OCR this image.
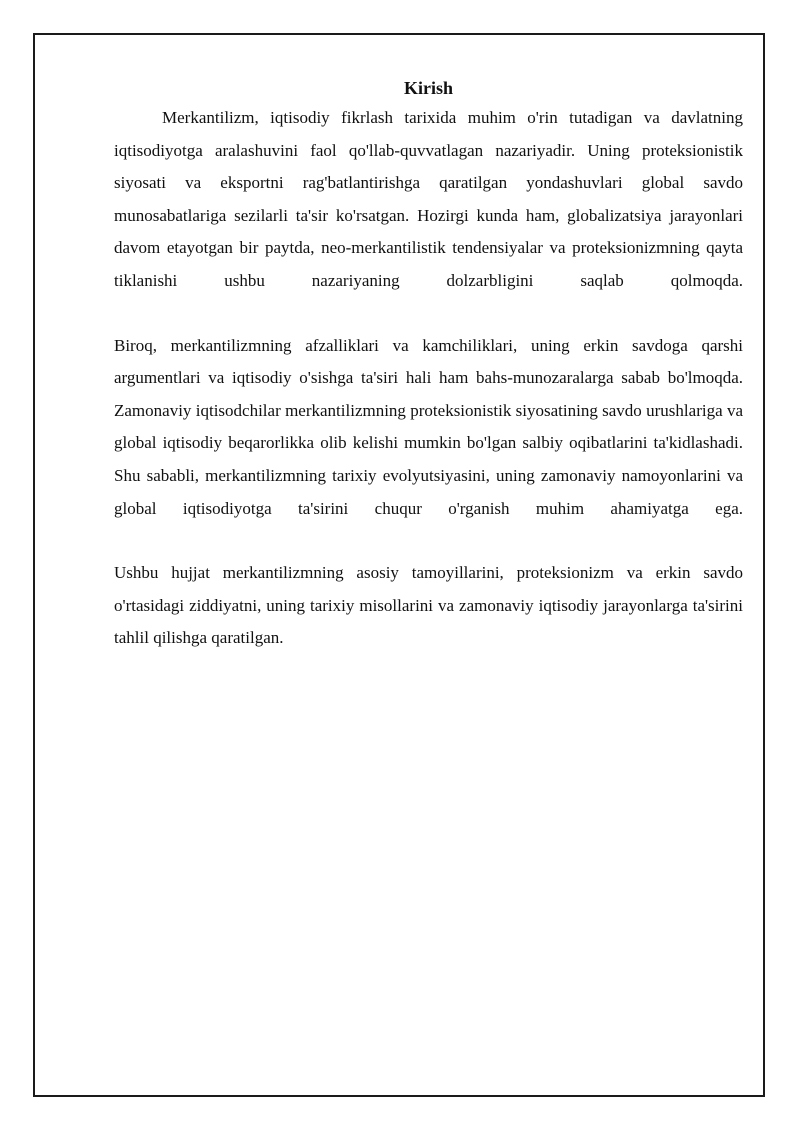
Kirish

Merkantilizm, iqtisodiy fikrlash tarixida muhim o'rin tutadigan va davlatning iqtisodiyotga aralashuvini faol qo'llab-quvvatlagan nazariyadir. Uning proteksionistik siyosati va eksportni rag'batlantirishga qaratilgan yondashuvlari global savdo munosabatlariga sezilarli ta'sir ko'rsatgan. Hozirgi kunda ham, globalizatsiya jarayonlari davom etayotgan bir paytda, neo-merkantilistik tendensiyalar va proteksionizmning qayta tiklanishi ushbu nazariyaning dolzarbligini saqlab qolmoqda.

Biroq, merkantilizmning afzalliklari va kamchiliklari, uning erkin savdoga qarshi argumentlari va iqtisodiy o'sishga ta'siri hali ham bahs-munozaralarga sabab bo'lmoqda. Zamonaviy iqtisodchilar merkantilizmning proteksionistik siyosatining savdo urushlariga va global iqtisodiy beqarorlikka olib kelishi mumkin bo'lgan salbiy oqibatlarini ta'kidlashadi. Shu sababli, merkantilizmning tarixiy evolyutsiyasini, uning zamonaviy namoyonlarini va global iqtisodiyotga ta'sirini chuqur o'rganish muhim ahamiyatga ega.

Ushbu hujjat merkantilizmning asosiy tamoyillarini, proteksionizm va erkin savdo o'rtasidagi ziddiyatni, uning tarixiy misollarini va zamonaviy iqtisodiy jarayonlarga ta'sirini tahlil qilishga qaratilgan.
